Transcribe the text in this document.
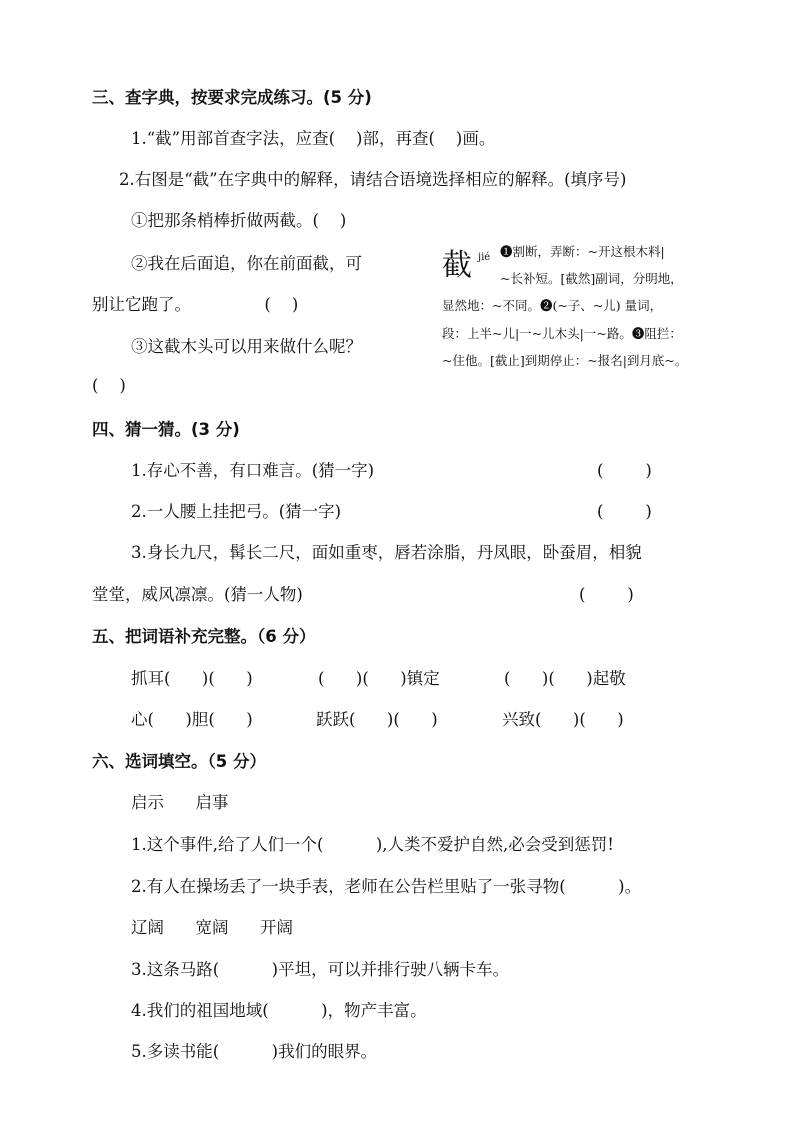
三、查字典，按要求完成练习。(5 分)
1.“截”用部首查字法，应查(    )部，再查(    )画。
2.右图是“截”在字典中的解释，请结合语境选择相应的解释。(填序号)
①把那条梢棒折做两截。(    )
②我在后面追，你在前面截，可
别让它跑了。              (    )
③这截木头可以用来做什么呢？
(    )
截 jié ❶割断，弄断：~开这根木料|
~长补短。[截然]副词，分明地，
显然地：~不同。❷(~子、~儿) 量词，
段：上半~儿|一~儿木头|一~路。❸阻拦：
~住他。[截止]到期停止：~报名|到月底~。
四、猜一猜。(3 分)
1.存心不善，有口难言。(猜一字)	(        )
2.一人腰上挂把弓。(猜一字)	(        )
3.身长九尺，髯长二尺，面如重枣，唇若涂脂，丹凤眼，卧蚕眉，相貌
堂堂，威风凛凛。(猜一人物)	(        )
五、把词语补充完整。（6 分）
抓耳(      )(      )	(      )(      )镇定	(      )(      )起敬
心(      )胆(      )	跃跃(      )(      )	兴致(      )(      )
六、选词填空。（5 分）
启示      启事
1.这个事件,给了人们一个(          ),人类不爱护自然,必会受到惩罚!
2.有人在操场丢了一块手表，老师在公告栏里贴了一张寻物(          )。
辽阔      宽阔      开阔
3.这条马路(          )平坦，可以并排行驶八辆卡车。
4.我们的祖国地域(          )，物产丰富。
5.多读书能(          )我们的眼界。
